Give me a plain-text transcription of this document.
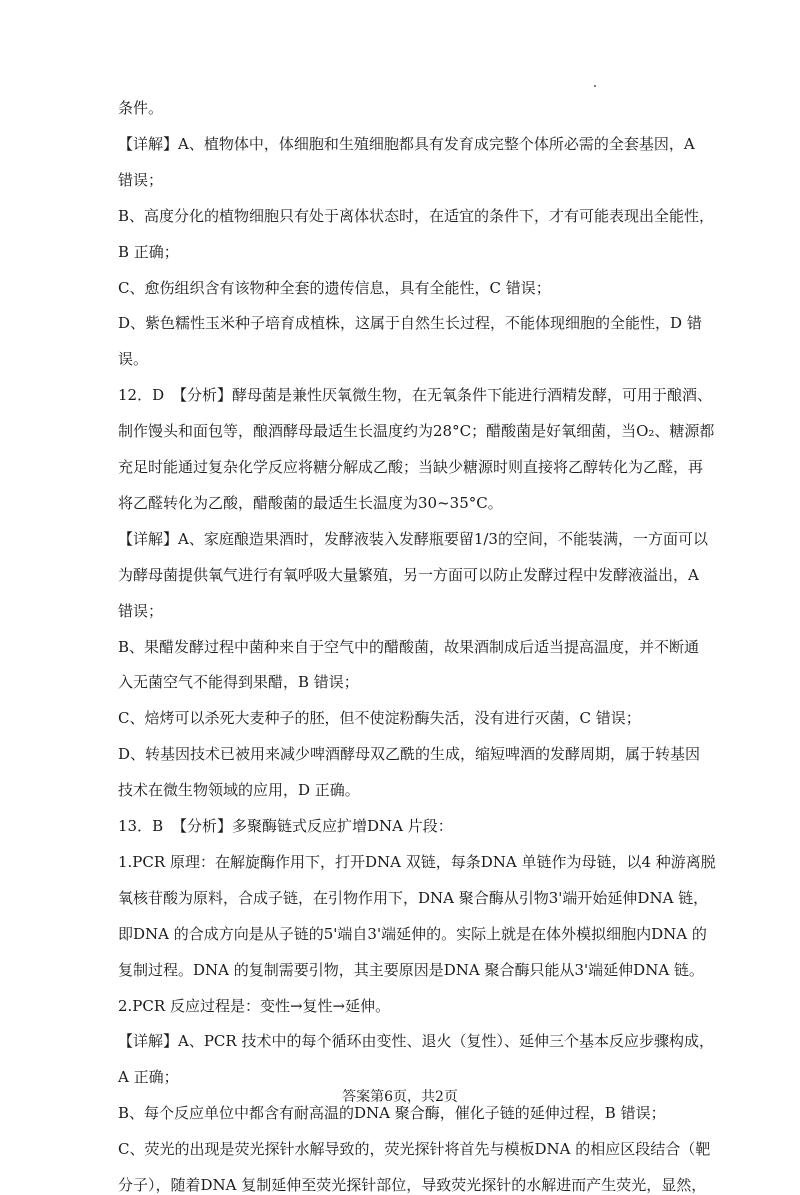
条件。
【详解】A、植物体中，体细胞和生殖细胞都具有发育成完整个体所必需的全套基因，A
错误；
B、高度分化的植物细胞只有处于离体状态时，在适宜的条件下，才有可能表现出全能性，
B 正确；
C、愈伤组织含有该物种全套的遗传信息，具有全能性，C 错误；
D、紫色糯性玉米种子培育成植株，这属于自然生长过程，不能体现细胞的全能性，D 错
误。
12．D 【分析】酵母菌是兼性厌氧微生物，在无氧条件下能进行酒精发酵，可用于酿酒、
制作馒头和面包等，酿酒酵母最适生长温度约为28°C；醋酸菌是好氧细菌，当O₂、糖源都
充足时能通过复杂化学反应将糖分解成乙酸；当缺少糖源时则直接将乙醇转化为乙醛，再
将乙醛转化为乙酸，醋酸菌的最适生长温度为30~35°C。
【详解】A、家庭酿造果酒时，发酵液装入发酵瓶要留1/3的空间，不能装满，一方面可以
为酵母菌提供氧气进行有氧呼吸大量繁殖，另一方面可以防止发酵过程中发酵液溢出，A
错误；
B、果醋发酵过程中菌种来自于空气中的醋酸菌，故果酒制成后适当提高温度，并不断通
入无菌空气不能得到果醋，B 错误；
C、焙烤可以杀死大麦种子的胚，但不使淀粉酶失活，没有进行灭菌，C 错误；
D、转基因技术已被用来减少啤酒酵母双乙酰的生成，缩短啤酒的发酵周期，属于转基因
技术在微生物领域的应用，D 正确。
13．B 【分析】多聚酶链式反应扩增DNA 片段：
1.PCR 原理：在解旋酶作用下，打开DNA 双链，每条DNA 单链作为母链，以4 种游离脱
氧核苷酸为原料，合成子链，在引物作用下，DNA 聚合酶从引物3'端开始延伸DNA 链，
即DNA 的合成方向是从子链的5'端自3'端延伸的。实际上就是在体外模拟细胞内DNA 的
复制过程。DNA 的复制需要引物，其主要原因是DNA 聚合酶只能从3'端延伸DNA 链。
2.PCR 反应过程是：变性→复性→延伸。
【详解】A、PCR 技术中的每个循环由变性、退火（复性）、延伸三个基本反应步骤构成，
A 正确；
B、每个反应单位中都含有耐高温的DNA 聚合酶，催化子链的延伸过程，B 错误；
C、荧光的出现是荧光探针水解导致的，荧光探针将首先与模板DNA 的相应区段结合（靶
分子），随着DNA 复制延伸至荧光探针部位，导致荧光探针的水解进而产生荧光，显然，
答案第6页，共2页
